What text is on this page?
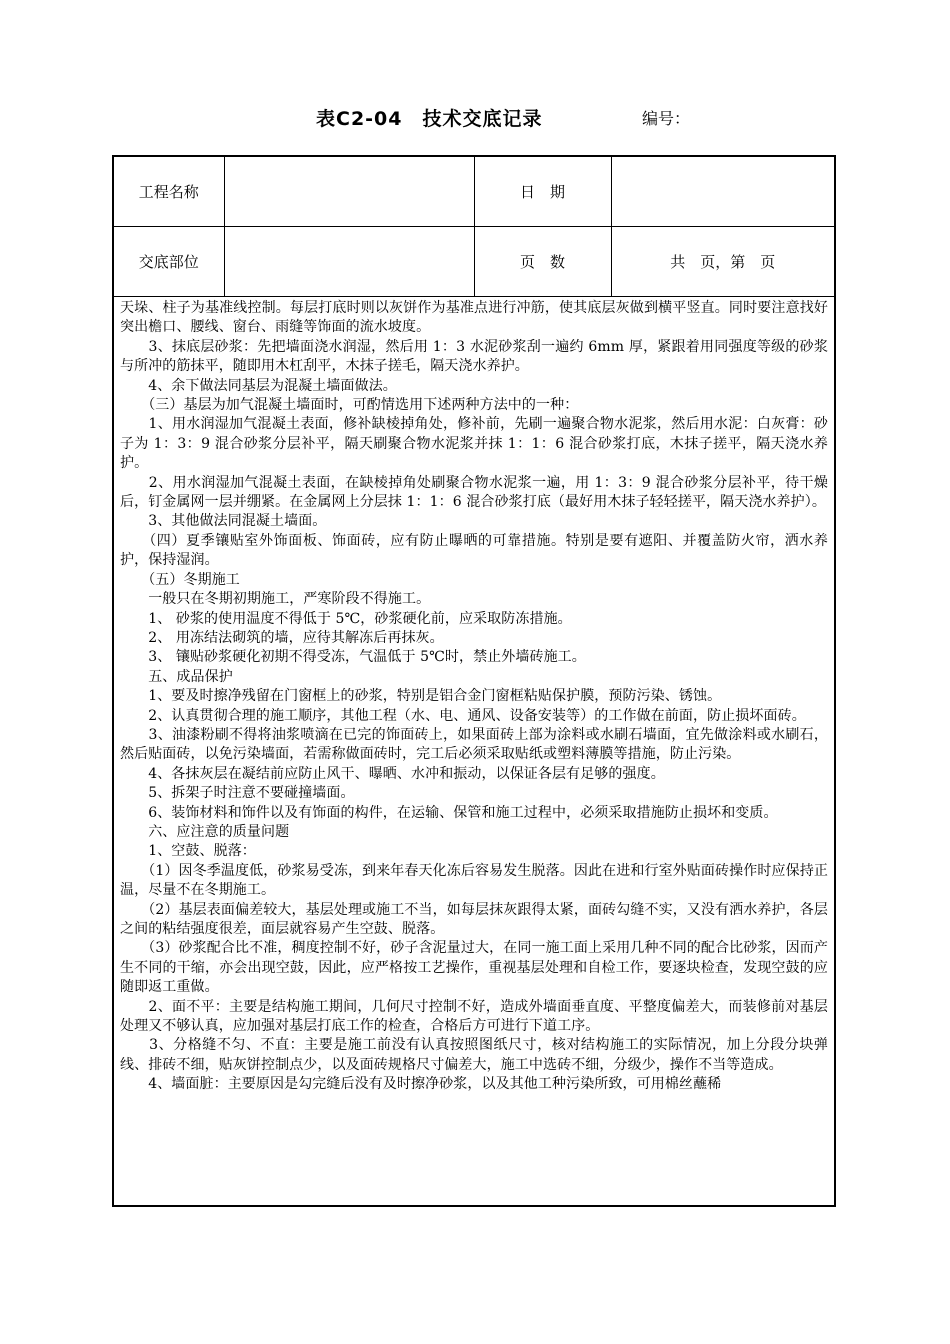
表C2-04　技术交底记录	编号：
工程名称		日　期	
交底部位		页　数	共　页，第　页

天垛、柱子为基准线控制。每层打底时则以灰饼作为基准点进行冲筋，使其底层灰做到横平竖直。同时要注意找好突出檐口、腰线、窗台、雨缝等饰面的流水坡度。

　　3、抹底层砂浆：先把墙面浇水润湿，然后用 1：3 水泥砂浆刮一遍约 6mm 厚，紧跟着用同强度等级的砂浆与所冲的筋抹平，随即用木杠刮平，木抹子搓毛，隔天浇水养护。

　　4、余下做法同基层为混凝土墙面做法。

　　（三）基层为加气混凝土墙面时，可酌情选用下述两种方法中的一种：

　　1、用水润湿加气混凝土表面，修补缺棱掉角处，修补前，先刷一遍聚合物水泥浆，然后用水泥：白灰膏：砂子为 1：3：9 混合砂浆分层补平，隔天刷聚合物水泥浆并抹 1：1：6 混合砂浆打底，木抹子搓平，隔天浇水养护。

　　2、用水润湿加气混凝土表面，在缺棱掉角处刷聚合物水泥浆一遍，用 1：3：9 混合砂浆分层补平，待干燥后，钉金属网一层并绷紧。在金属网上分层抹 1：1：6 混合砂浆打底（最好用木抹子轻轻搓平，隔天浇水养护）。

　　3、其他做法同混凝土墙面。

　　（四）夏季镶贴室外饰面板、饰面砖，应有防止曝晒的可靠措施。特别是要有遮阳、并覆盖防火帘，洒水养护，保持湿润。

　　（五）冬期施工

　　一般只在冬期初期施工，严寒阶段不得施工。

　　1、 砂浆的使用温度不得低于 5℃，砂浆硬化前，应采取防冻措施。

　　2、 用冻结法砌筑的墙，应待其解冻后再抹灰。

　　3、 镶贴砂浆硬化初期不得受冻，气温低于 5℃时，禁止外墙砖施工。

　　五、成品保护

　　1、要及时擦净残留在门窗框上的砂浆，特别是铝合金门窗框粘贴保护膜，预防污染、锈蚀。

　　2、认真贯彻合理的施工顺序，其他工程（水、电、通风、设备安装等）的工作做在前面，防止损坏面砖。

　　3、油漆粉刷不得将油浆喷滴在已完的饰面砖上，如果面砖上部为涂料或水刷石墙面，宜先做涂料或水刷石，然后贴面砖，以免污染墙面，若需称做面砖时，完工后必须采取贴纸或塑料薄膜等措施，防止污染。

　　4、各抹灰层在凝结前应防止风干、曝晒、水冲和振动，以保证各层有足够的强度。

　　5、拆架子时注意不要碰撞墙面。

　　6、装饰材料和饰件以及有饰面的构件，在运输、保管和施工过程中，必须采取措施防止损坏和变质。

　　六、应注意的质量问题

　　1、空鼓、脱落：

　　（1）因冬季温度低，砂浆易受冻，到来年春天化冻后容易发生脱落。因此在进和行室外贴面砖操作时应保持正温，尽量不在冬期施工。

　　（2）基层表面偏差较大，基层处理或施工不当，如每层抹灰跟得太紧，面砖勾缝不实，又没有洒水养护，各层之间的粘结强度很差，面层就容易产生空鼓、脱落。

　　（3）砂浆配合比不准，稠度控制不好，砂子含泥量过大，在同一施工面上采用几种不同的配合比砂浆，因而产生不同的干缩，亦会出现空鼓，因此，应严格按工艺操作，重视基层处理和自检工作，要逐块检查，发现空鼓的应随即返工重做。

　　2、面不平：主要是结构施工期间，几何尺寸控制不好，造成外墙面垂直度、平整度偏差大，而装修前对基层处理又不够认真，应加强对基层打底工作的检查，合格后方可进行下道工序。

　　3、分格缝不匀、不直：主要是施工前没有认真按照图纸尺寸，核对结构施工的实际情况，加上分段分块弹线、排砖不细，贴灰饼控制点少，以及面砖规格尺寸偏差大，施工中选砖不细，分级少，操作不当等造成。

　　4、墙面脏：主要原因是勾完缝后没有及时擦净砂浆，以及其他工种污染所致，可用棉丝蘸稀
